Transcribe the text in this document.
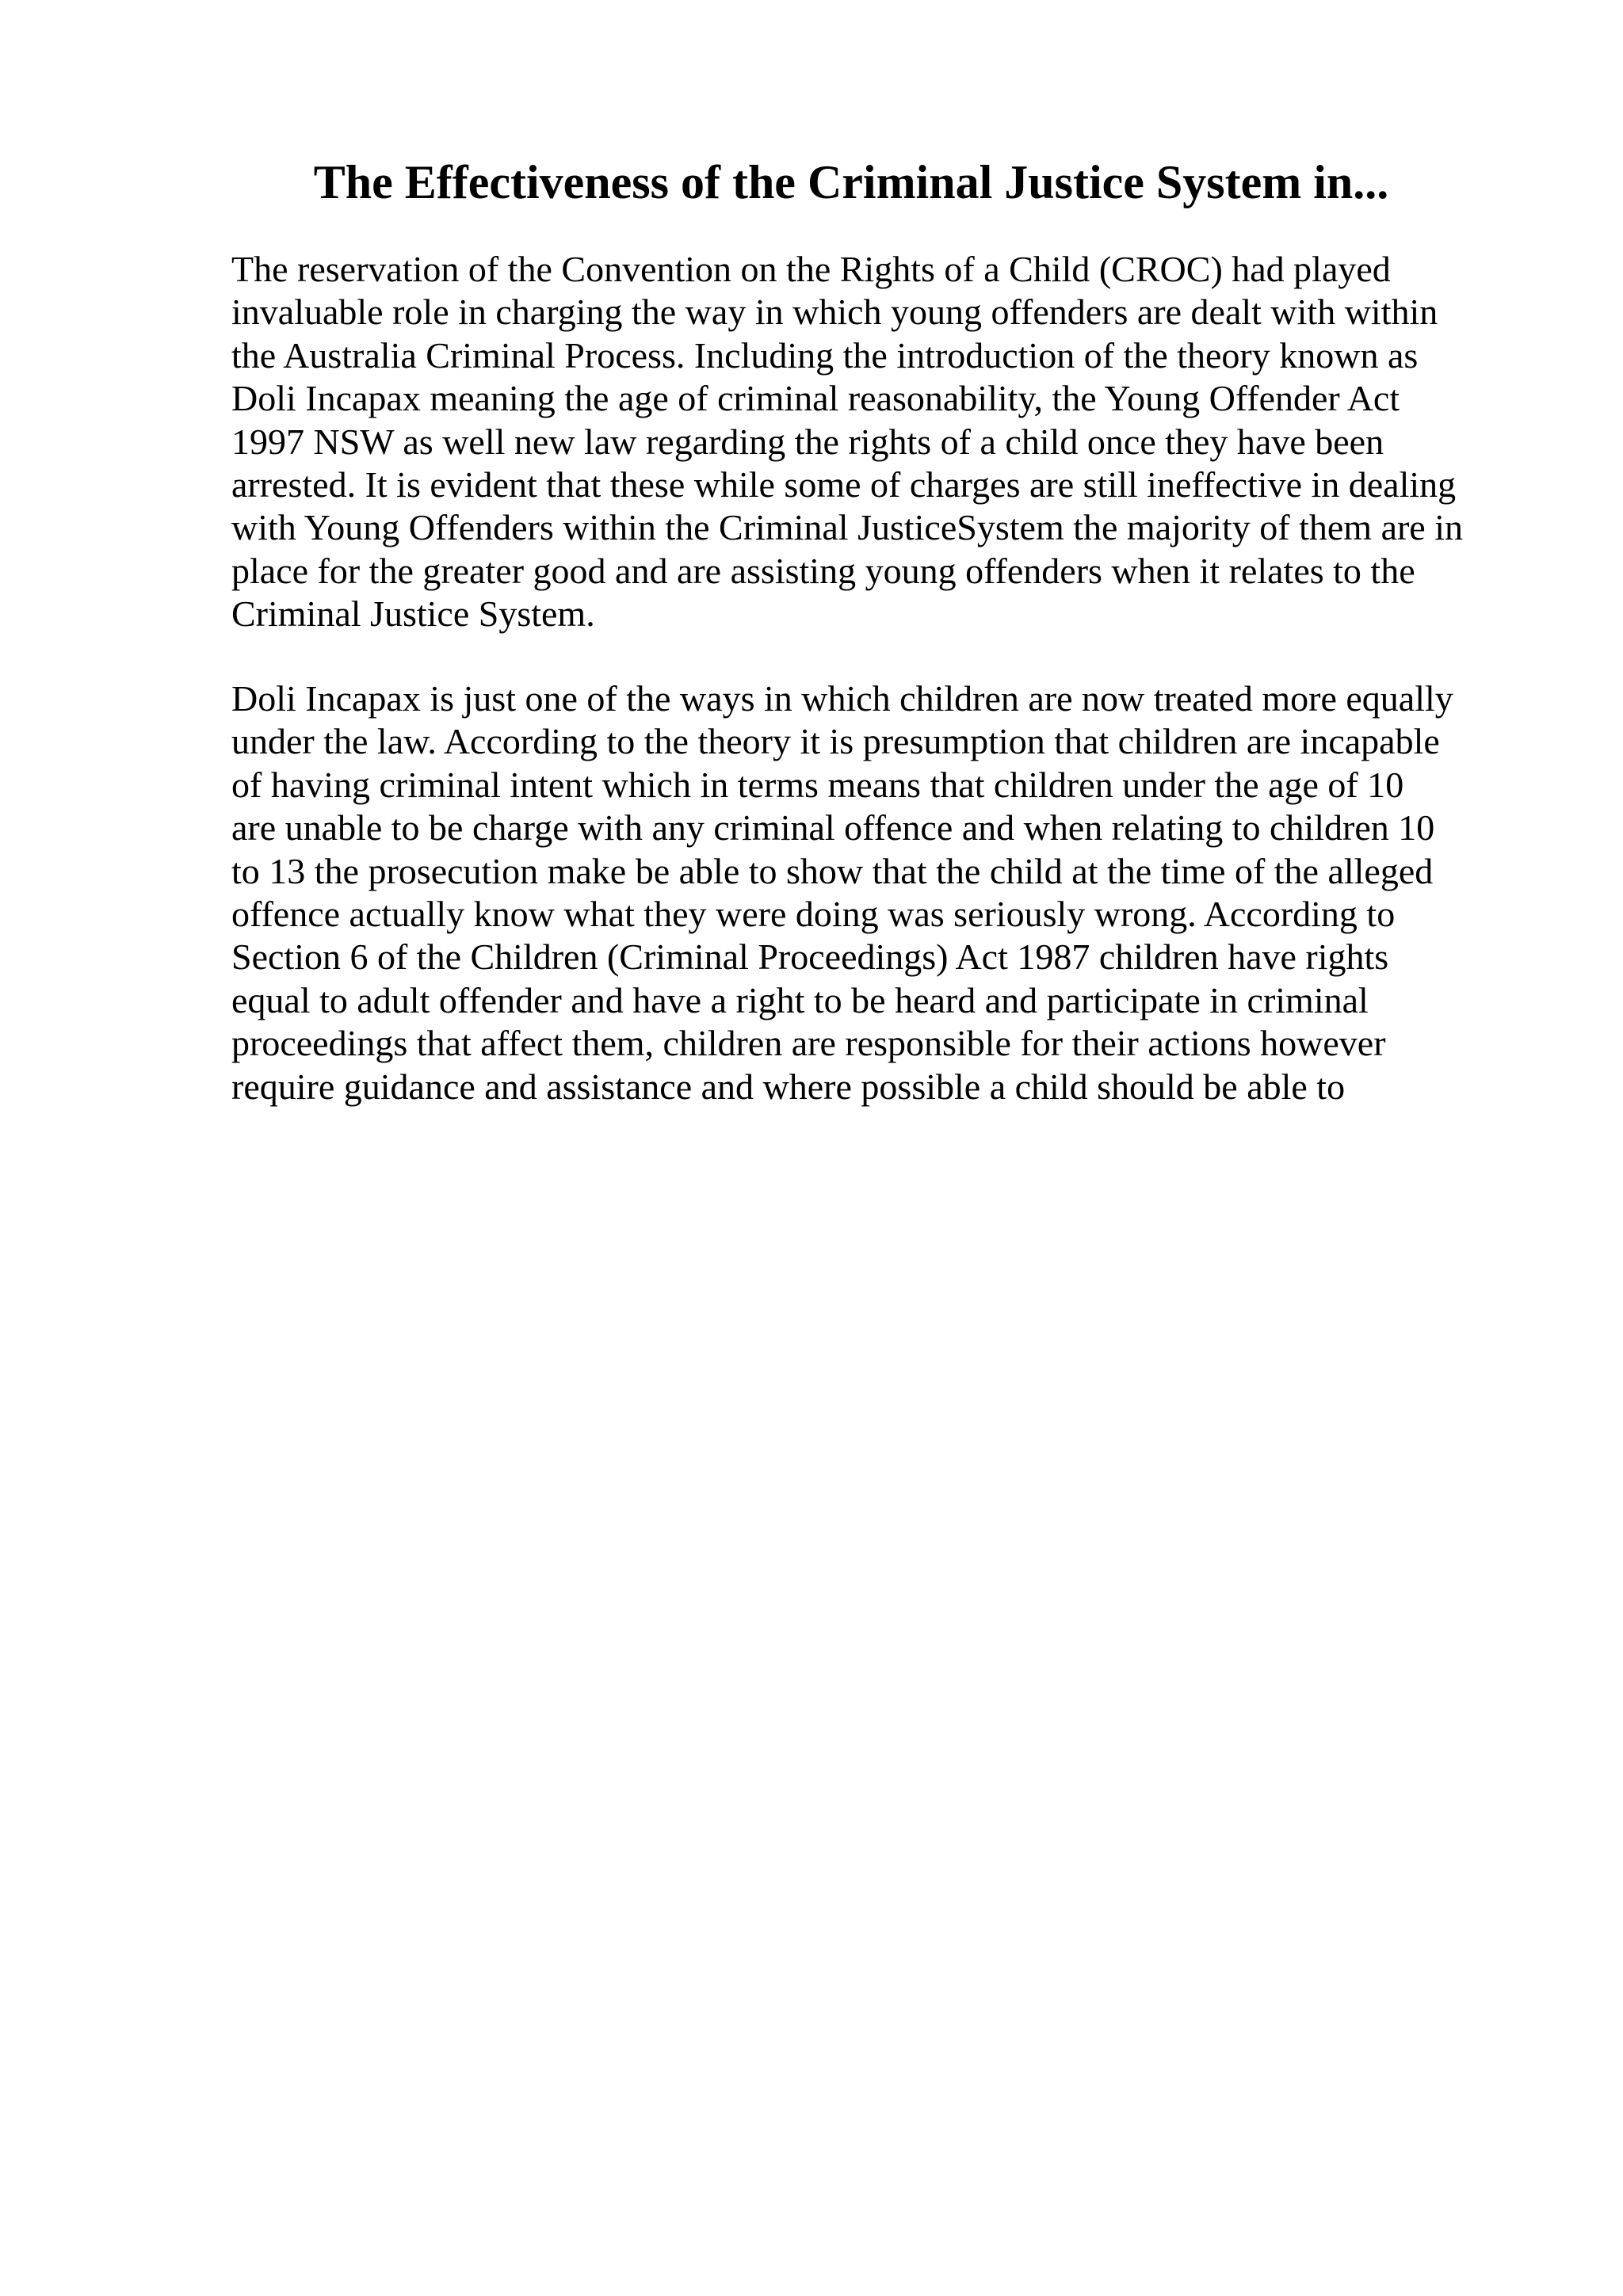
The Effectiveness of the Criminal Justice System in...
The reservation of the Convention on the Rights of a Child (CROC) had played
invaluable role in charging the way in which young offenders are dealt with within
the Australia Criminal Process. Including the introduction of the theory known as
Doli Incapax meaning the age of criminal reasonability, the Young Offender Act
1997 NSW as well new law regarding the rights of a child once they have been
arrested. It is evident that these while some of charges are still ineffective in dealing
with Young Offenders within the Criminal JusticeSystem the majority of them are in
place for the greater good and are assisting young offenders when it relates to the
Criminal Justice System.
Doli Incapax is just one of the ways in which children are now treated more equally
under the law. According to the theory it is presumption that children are incapable
of having criminal intent which in terms means that children under the age of 10
are unable to be charge with any criminal offence and when relating to children 10
to 13 the prosecution make be able to show that the child at the time of the alleged
offence actually know what they were doing was seriously wrong. According to
Section 6 of the Children (Criminal Proceedings) Act 1987 children have rights
equal to adult offender and have a right to be heard and participate in criminal
proceedings that affect them, children are responsible for their actions however
require guidance and assistance and where possible a child should be able to
